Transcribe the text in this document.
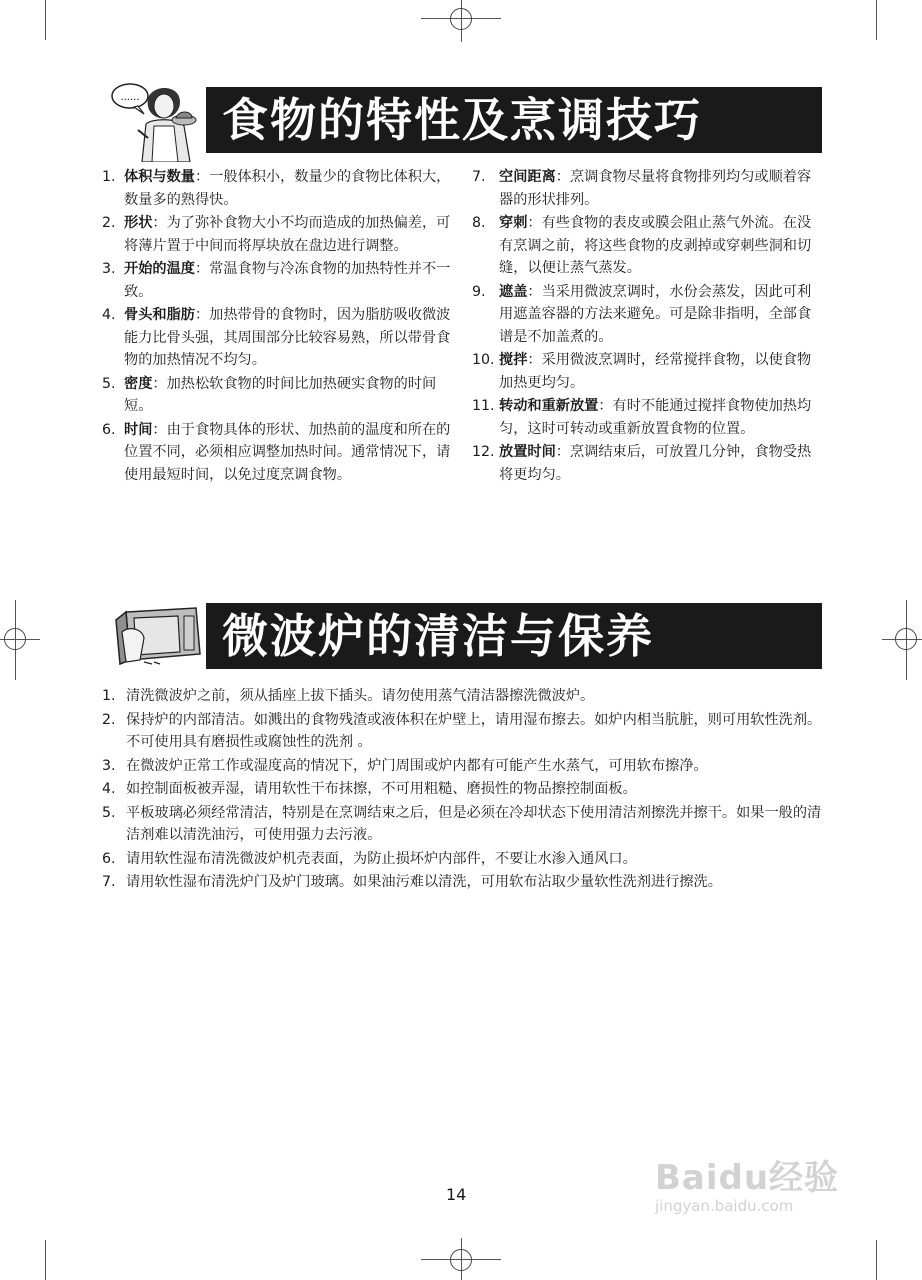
......	食物的特性及烹调技巧
1. 体积与数量：一般体积小，数量少的食物比体积大，数量多的熟得快。
2. 形状：为了弥补食物大小不均而造成的加热偏差，可将薄片置于中间而将厚块放在盘边进行调整。
3. 开始的温度：常温食物与冷冻食物的加热特性并不一致。
4. 骨头和脂肪：加热带骨的食物时，因为脂肪吸收微波能力比骨头强，其周围部分比较容易熟，所以带骨食物的加热情况不均匀。
5. 密度：加热松软食物的时间比加热硬实食物的时间短。
6. 时间：由于食物具体的形状、加热前的温度和所在的位置不同，必须相应调整加热时间。通常情况下，请使用最短时间，以免过度烹调食物。
7. 空间距离：烹调食物尽量将食物排列均匀或顺着容器的形状排列。
8. 穿刺：有些食物的表皮或膜会阻止蒸气外流。在没有烹调之前，将这些食物的皮剥掉或穿刺些洞和切缝，以便让蒸气蒸发。
9. 遮盖：当采用微波烹调时，水份会蒸发，因此可利用遮盖容器的方法来避免。可是除非指明，全部食谱是不加盖煮的。
10. 搅拌：采用微波烹调时，经常搅拌食物，以使食物加热更均匀。
11. 转动和重新放置：有时不能通过搅拌食物使加热均匀，这时可转动或重新放置食物的位置。
12. 放置时间：烹调结束后，可放置几分钟，食物受热将更均匀。
微波炉的清洁与保养
1. 清洗微波炉之前，须从插座上拔下插头。请勿使用蒸气清洁器擦洗微波炉。
2. 保持炉的内部清洁。如溅出的食物残渣或液体积在炉壁上，请用湿布擦去。如炉内相当肮脏，则可用软性洗剂。不可使用具有磨损性或腐蚀性的洗剂 。
3. 在微波炉正常工作或湿度高的情况下，炉门周围或炉内都有可能产生水蒸气，可用软布擦净。
4. 如控制面板被弄湿，请用软性干布抹擦，不可用粗糙、磨损性的物品擦控制面板。
5. 平板玻璃必须经常清洁，特别是在烹调结束之后，但是必须在冷却状态下使用清洁剂擦洗并擦干。如果一般的清洁剂难以清洗油污，可使用强力去污液。
6. 请用软性湿布清洗微波炉机壳表面，为防止损坏炉内部件，不要让水渗入通风口。
7. 请用软性湿布清洗炉门及炉门玻璃。如果油污难以清洗，可用软布沾取少量软性洗剂进行擦洗。
14	Baidu经验
jingyan.baidu.com
